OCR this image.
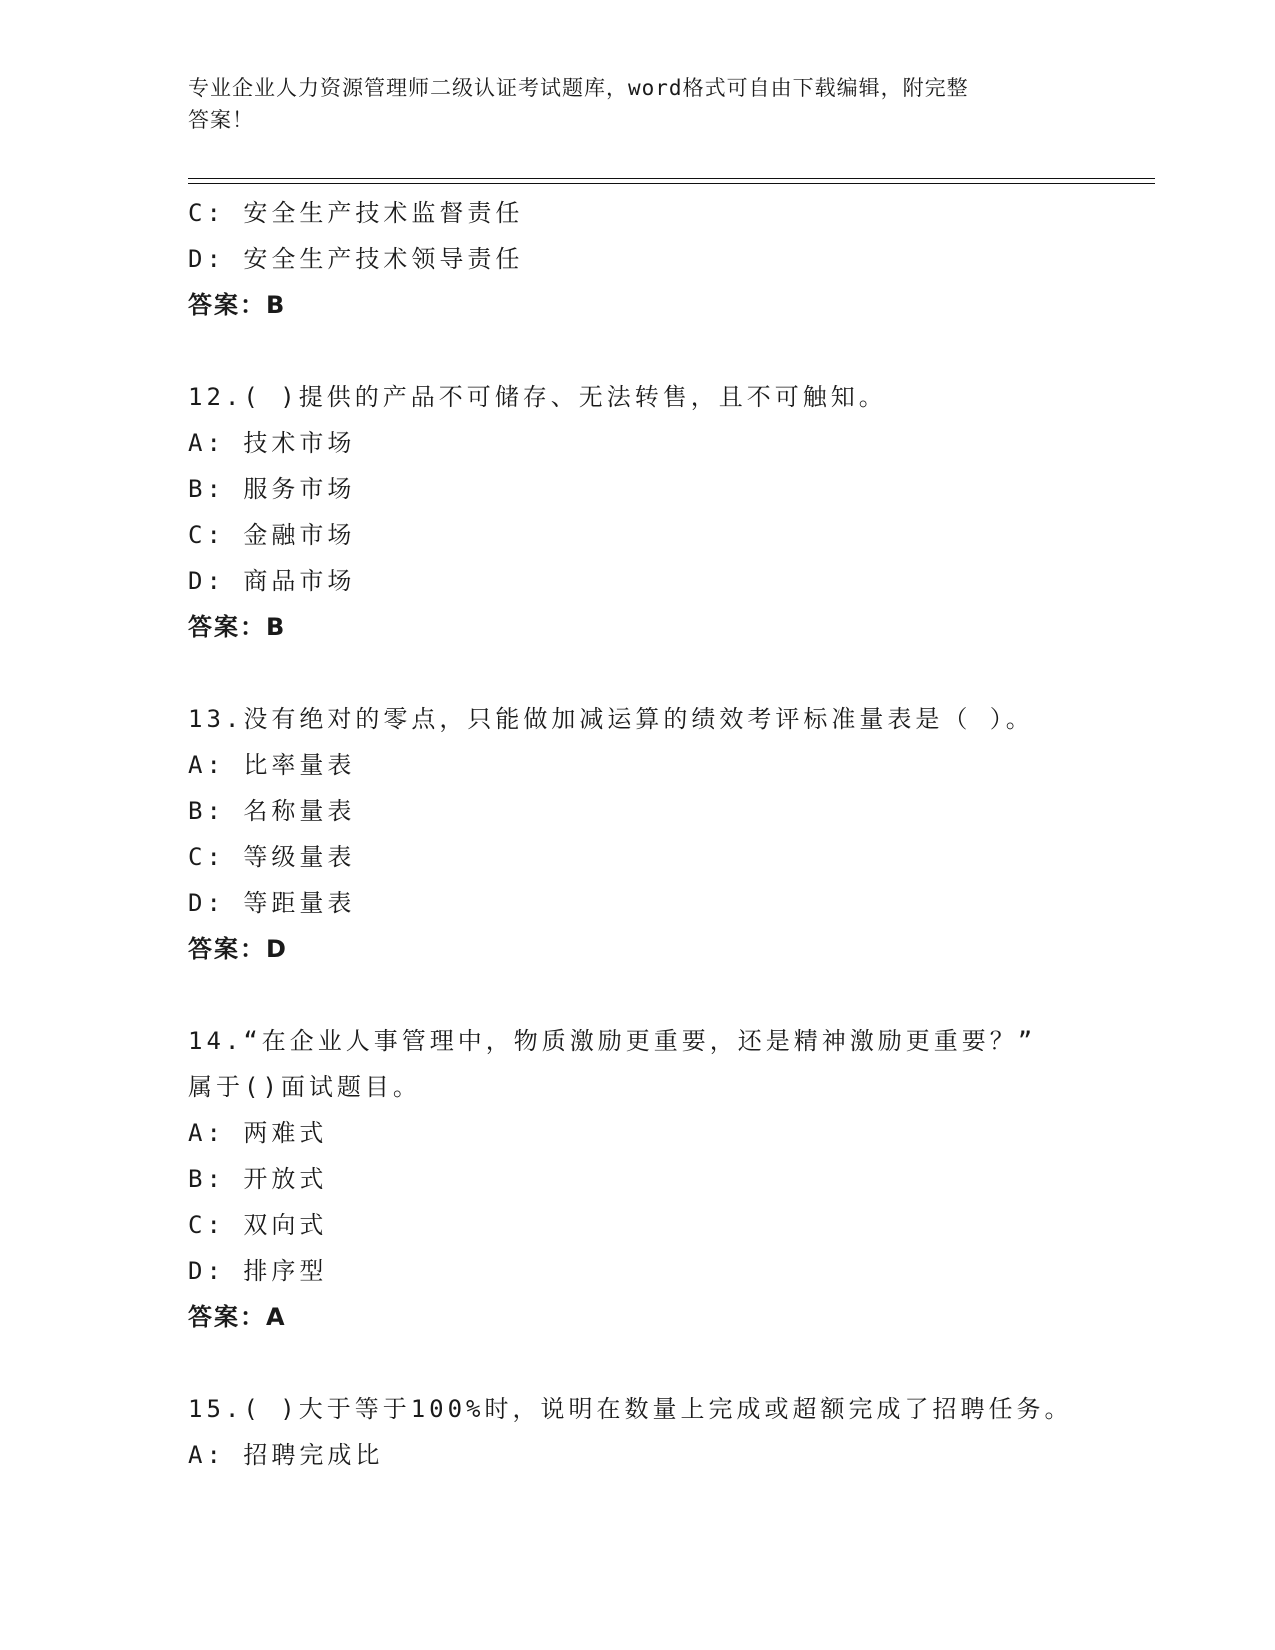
专业企业人力资源管理师二级认证考试题库，word格式可自由下载编辑，附完整
答案！
C: 安全生产技术监督责任
D: 安全生产技术领导责任
答案：B
12.( )提供的产品不可储存、无法转售，且不可触知。
A: 技术市场
B: 服务市场
C: 金融市场
D: 商品市场
答案：B
13.没有绝对的零点，只能做加减运算的绩效考评标准量表是（ ）。
A: 比率量表
B: 名称量表
C: 等级量表
D: 等距量表
答案：D
14.“在企业人事管理中，物质激励更重要，还是精神激励更重要？”
属于()面试题目。
A: 两难式
B: 开放式
C: 双向式
D: 排序型
答案：A
15.( )大于等于100%时，说明在数量上完成或超额完成了招聘任务。
A: 招聘完成比
